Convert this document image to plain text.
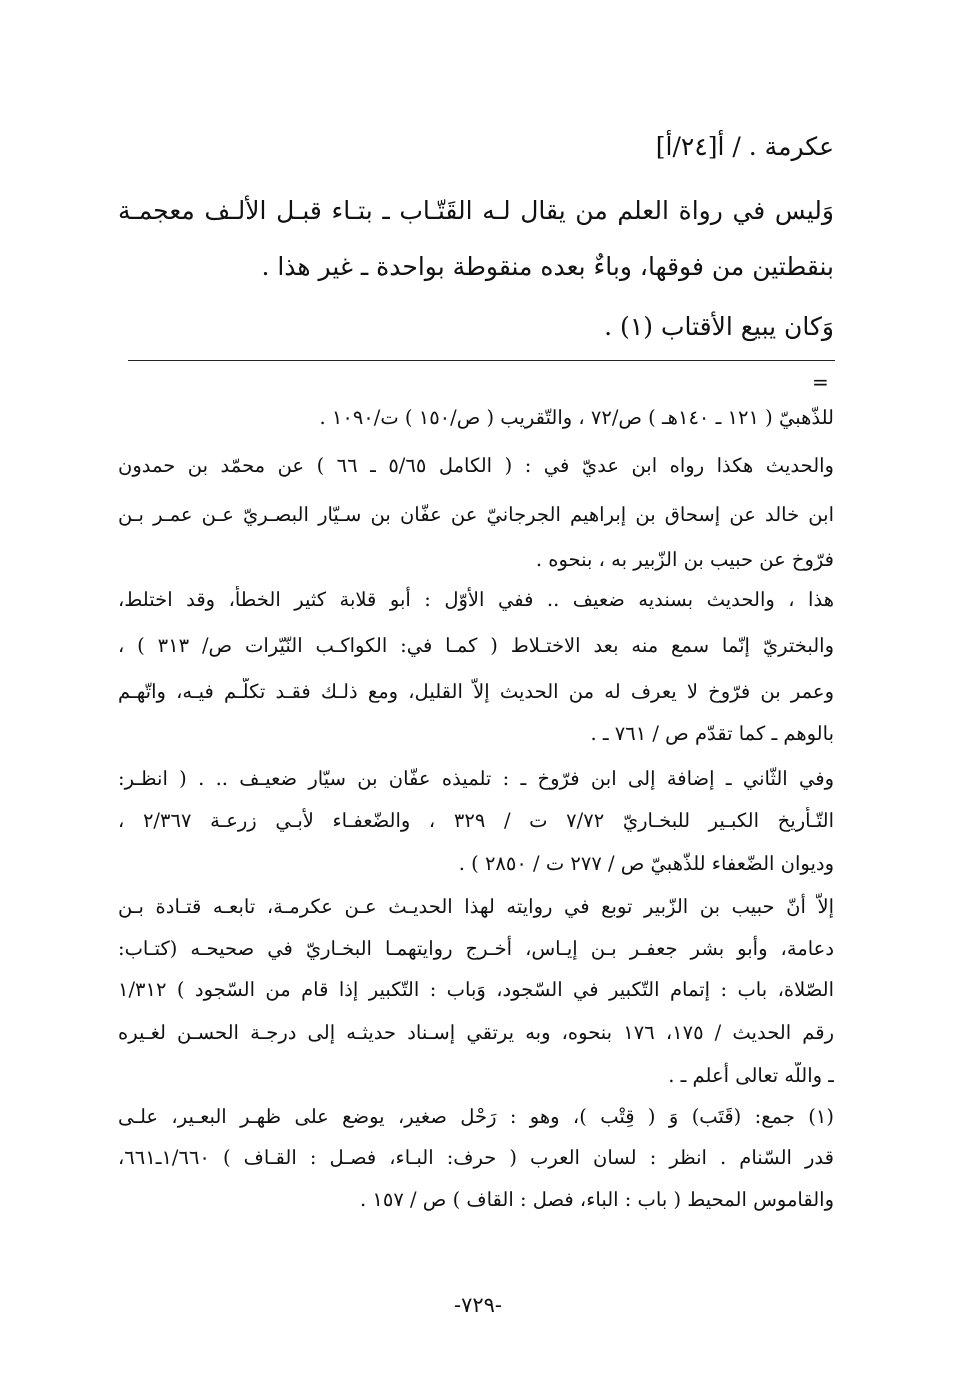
عكرمة . / أ[٢٤/أ]
وَليس في رواة العلم من يقال لـه القَتّـاب ـ بتـاء قبـل الأَلـف معجمـة
بنقطتين من فوقها، وباءٌ بعده منقوطة بواحدة ـ غير هذا .
وَكان يبيع الأقتاب (١) .
=
للذّهبيّ ( ١٢١ ـ ١٤٠هـ ) ص/٧٢ ، والتّقريب ( ص/١٥٠ ) ت/١٠٩٠ .
والحديث هكذا رواه ابن عديّ في : ( الكامل ٥/٦٥ ـ ٦٦ ) عن محمّد بن حمدون
ابن خالد عن إسحاق بن إبراهيم الجرجانيّ عن عفّان بن سـيّار البصـريّ عـن عمـر بـن
فرّوخ عن حبيب بن الزّبير به ، بنحوه .
هذا ، والحديث بسنديه ضعيف .. ففي الأوّل : أبو قلابة كثير الخطأ، وقد اختلط،
والبختريّ إنّما سمع منه بعد الاختـلاط ( كمـا في: الكواكـب النّيّرات ص/ ٣١٣ ) ،
وعمر بن فرّوخ لا يعرف له من الحديث إلاّ القليل، ومع ذلـك فقـد تكلّـم فيـه، واتّهـم
بالوهم ـ كما تقدّم ص / ٧٦١ ـ .
وفي الثّاني ـ إضافة إلى ابن فرّوخ ـ : تلميذه عفّان بن سيّار ضعيـف .. . ( انظـر:
التّـأريخ الكبـير للبخـاريّ ٧/٧٢ ت / ٣٢٩ ، والضّعفـاء لأبـي زرعـة ٢/٣٦٧ ،
وديوان الضّعفاء للذّهبيّ ص / ٢٧٧ ت / ٢٨٥٠ ) .
إلاّ أنّ حبيب بن الزّبير توبع في روايته لهذا الحديـث عـن عكرمـة، تابعـه قتـادة بـن
دعامة، وأبو بشر جعفـر بـن إيـاس، أخـرج روايتهمـا البخـاريّ في صحيحـه (كتـاب:
الصّلاة، باب : إتمام التّكبير في السّجود، وَباب : التّكبير إذا قام من السّجود ) ١/٣١٢
رقم الحديث / ١٧٥، ١٧٦ بنحوه، وبه يرتقي إسـناد حديثـه إلى درجـة الحسـن لغـيره
ـ واللّه تعالى أعلم ـ .
(١) جمع: (قَتَب) وَ ( قِتْب )، وهو : رَحْل صغير، يوضع على ظهـر البعـير، علـى
قدر السّنام . انظر : لسان العرب ( حرف: البـاء، فصـل : القـاف ) ١/٦٦٠ـ٦٦١،
والقاموس المحيط ( باب : الباء، فصل : القاف ) ص / ١٥٧ .
-٧٢٩-
